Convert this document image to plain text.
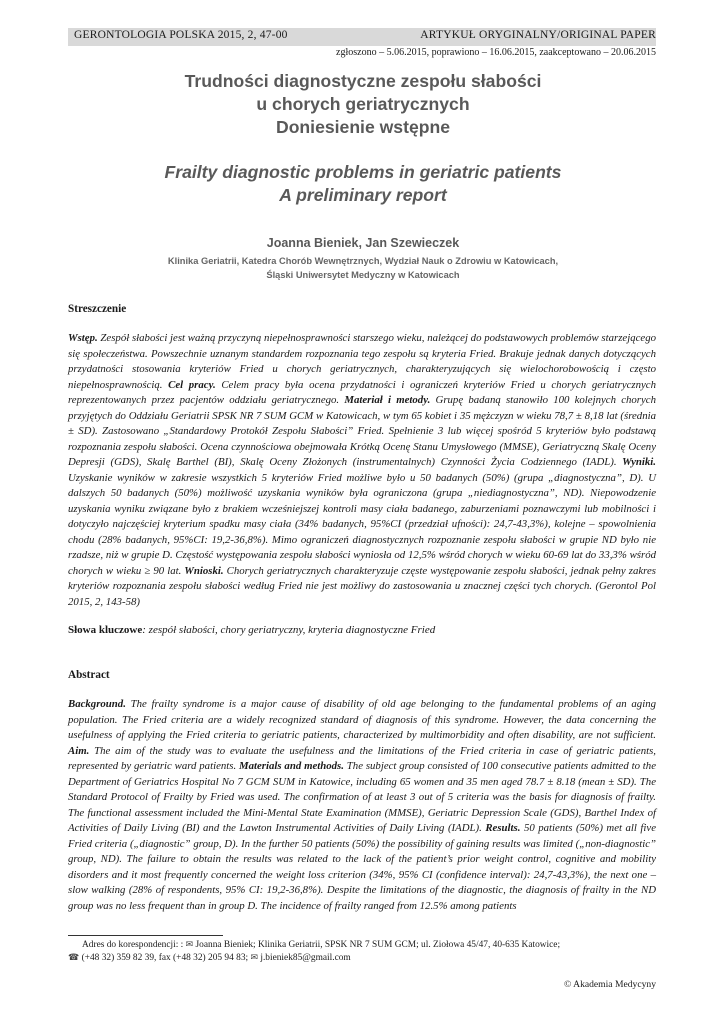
GERONTOLOGIA POLSKA 2015, 2, 47-00	ARTYKUŁ ORYGINALNY/ORIGINAL PAPER
zgłoszono – 5.06.2015, poprawiono – 16.06.2015, zaakceptowano – 20.06.2015
Trudności diagnostyczne zespołu słabości
u chorych geriatrycznych
Doniesienie wstępne
Frailty diagnostic problems in geriatric patients
A preliminary report
Joanna Bieniek, Jan Szewieczek
Klinika Geriatrii, Katedra Chorób Wewnętrznych, Wydział Nauk o Zdrowiu w Katowicach,
Śląski Uniwersytet Medyczny w Katowicach
Streszczenie

Wstęp. Zespół słabości jest ważną przyczyną niepełnosprawności starszego wieku, należącej do podstawowych problemów starzejącego się społeczeństwa. Powszechnie uznanym standardem rozpoznania tego zespołu są kryteria Fried. Brakuje jednak danych dotyczących przydatności stosowania kryteriów Fried u chorych geriatrycznych, charakteryzujących się wielochorobowością i często niepełnosprawnością. Cel pracy. Celem pracy była ocena przydatności i ograniczeń kryteriów Fried u chorych geriatrycznych reprezentowanych przez pacjentów oddziału geriatrycznego. Materiał i metody. Grupę badaną stanowiło 100 kolejnych chorych przyjętych do Oddziału Geriatrii SPSK NR 7 SUM GCM w Katowicach, w tym 65 kobiet i 35 mężczyzn w wieku 78,7 ± 8,18 lat (średnia ± SD). Zastosowano „Standardowy Protokół Zespołu Słabości” Fried. Spełnienie 3 lub więcej spośród 5 kryteriów było podstawą rozpoznania zespołu słabości. Ocena czynnościowa obejmowała Krótką Ocenę Stanu Umysłowego (MMSE), Geriatryczną Skalę Oceny Depresji (GDS), Skalę Barthel (BI), Skalę Oceny Złożonych (instrumentalnych) Czynności Życia Codziennego (IADL). Wyniki. Uzyskanie wyników w zakresie wszystkich 5 kryteriów Fried możliwe było u 50 badanych (50%) (grupa „diagnostyczna”, D). U dalszych 50 badanych (50%) możliwość uzyskania wyników była ograniczona (grupa „niediagnostyczna”, ND). Niepowodzenie uzyskania wyniku związane było z brakiem wcześniejszej kontroli masy ciała badanego, zaburzeniami poznawczymi lub mobilności i dotyczyło najczęściej kryterium spadku masy ciała (34% badanych, 95%CI (przedział ufności): 24,7-43,3%), kolejne – spowolnienia chodu (28% badanych, 95%CI: 19,2-36,8%). Mimo ograniczeń diagnostycznych rozpoznanie zespołu słabości w grupie ND było nie rzadsze, niż w grupie D. Częstość występowania zespołu słabości wyniosła od 12,5% wśród chorych w wieku 60-69 lat do 33,3% wśród chorych w wieku ≥ 90 lat. Wnioski. Chorych geriatrycznych charakteryzuje częste występowanie zespołu słabości, jednak pełny zakres kryteriów rozpoznania zespołu słabości według Fried nie jest możliwy do zastosowania u znacznej części tych chorych. (Gerontol Pol 2015, 2, 143-58)

Słowa kluczowe: zespół słabości, chory geriatryczny, kryteria diagnostyczne Fried
Abstract

Background. The frailty syndrome is a major cause of disability of old age belonging to the fundamental problems of an aging population. The Fried criteria are a widely recognized standard of diagnosis of this syndrome. However, the data concerning the usefulness of applying the Fried criteria to geriatric patients, characterized by multimorbidity and often disability, are not sufficient. Aim. The aim of the study was to evaluate the usefulness and the limitations of the Fried criteria in case of geriatric patients, represented by geriatric ward patients. Materials and methods. The subject group consisted of 100 consecutive patients admitted to the Department of Geriatrics Hospital No 7 GCM SUM in Katowice, including 65 women and 35 men aged 78.7 ± 8.18 (mean ± SD). The Standard Protocol of Frailty by Fried was used. The confirmation of at least 3 out of 5 criteria was the basis for diagnosis of frailty. The functional assessment included the Mini-Mental State Examination (MMSE), Geriatric Depression Scale (GDS), Barthel Index of Activities of Daily Living (BI) and the Lawton Instrumental Activities of Daily Living (IADL). Results. 50 patients (50%) met all five Fried criteria („diagnostic” group, D). In the further 50 patients (50%) the possibility of gaining results was limited („non-diagnostic” group, ND). The failure to obtain the results was related to the lack of the patient’s prior weight control, cognitive and mobility disorders and it most frequently concerned the weight loss criterion (34%, 95% CI (confidence interval): 24,7-43,3%), the next one – slow walking (28% of respondents, 95% CI: 19,2-36,8%). Despite the limitations of the diagnostic, the diagnosis of frailty in the ND group was no less frequent than in group D. The incidence of frailty ranged from 12.5% among patients

Adres do korespondencji: : ✉ Joanna Bieniek; Klinika Geriatrii, SPSK NR 7 SUM GCM; ul. Ziołowa 45/47, 40-635 Katowice;
☎ (+48 32) 359 82 39, fax (+48 32) 205 94 83; ✉ j.bieniek85@gmail.com

© Akademia Medycyny
